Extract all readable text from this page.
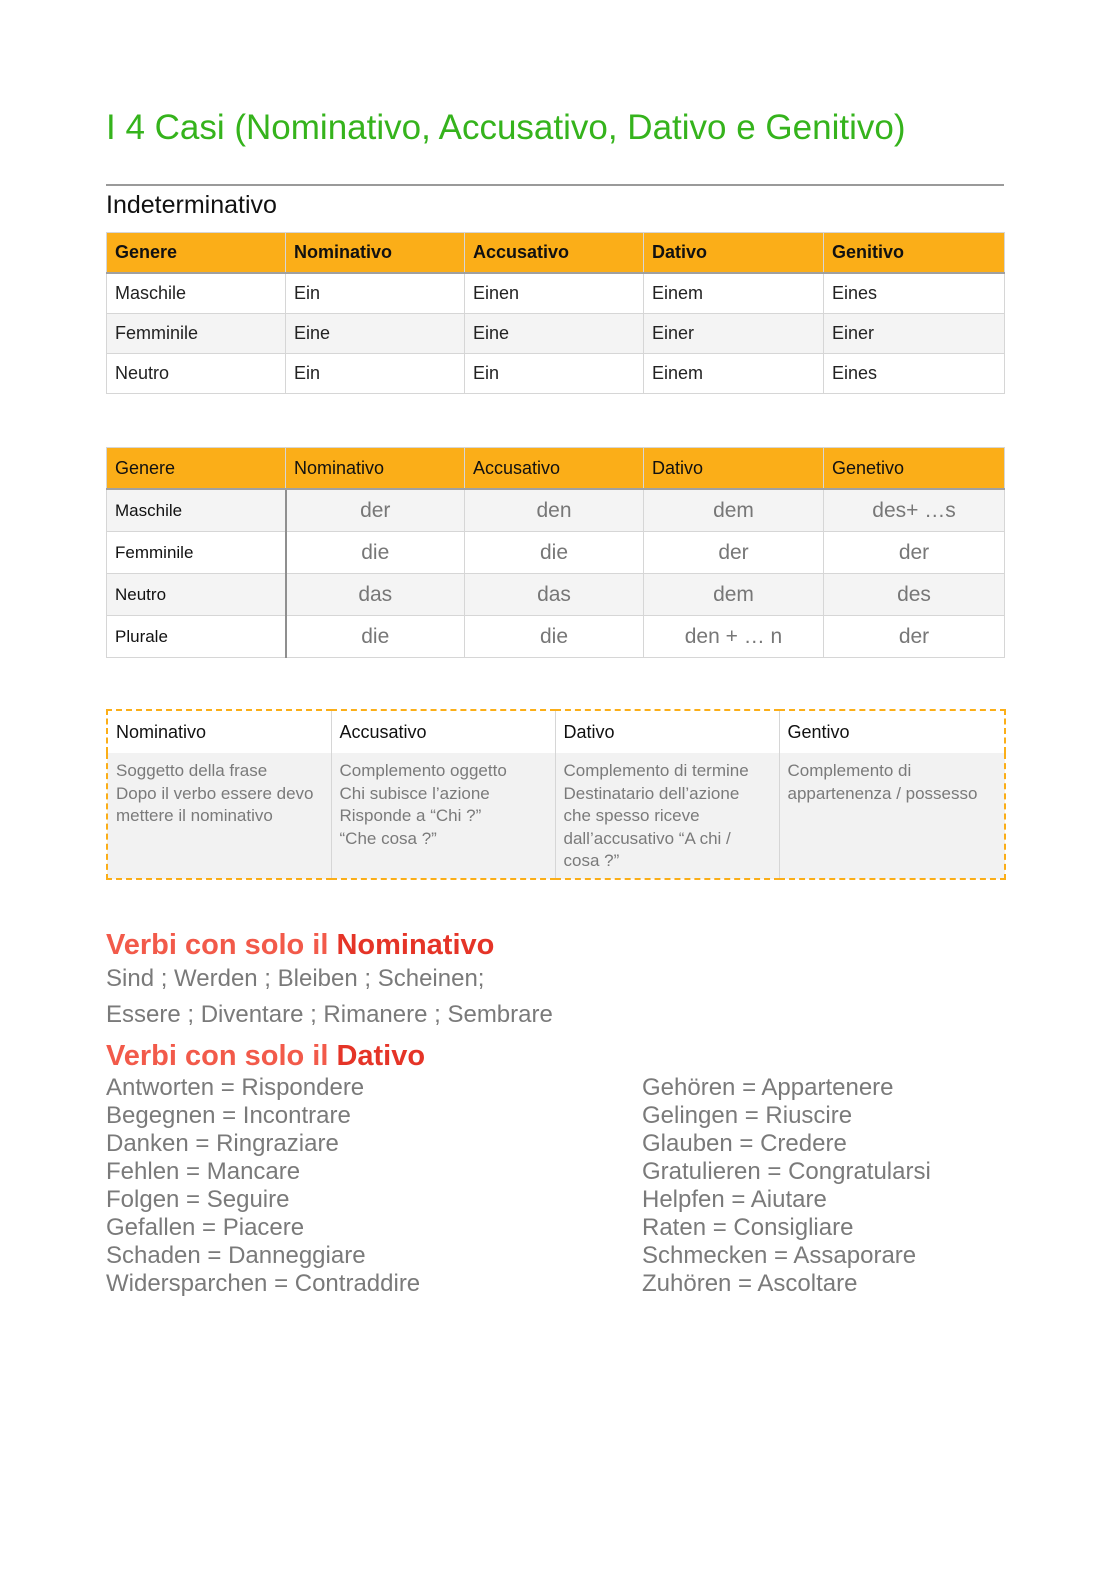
I 4 Casi (Nominativo, Accusativo, Dativo e Genitivo)
Indeterminativo
Genere	Nominativo	Accusativo	Dativo	Genitivo
Maschile	Ein	Einen	Einem	Eines
Femminile	Eine	Eine	Einer	Einer
Neutro	Ein	Ein	Einem	Eines
Genere	Nominativo	Accusativo	Dativo	Genetivo
Maschile	der	den	dem	des+ …s
Femminile	die	die	der	der
Neutro	das	das	dem	des
Plurale	die	die	den + … n	der
Nominativo	Accusativo	Dativo	Gentivo

Soggetto della frase
Dopo il verbo essere devo
mettere il nominativo	Complemento oggetto
Chi subisce l’azione
Risponde a “Chi ?”
“Che cosa ?”	Complemento di termine
Destinatario dell’azione
che spesso riceve
dall’accusativo “A chi /
cosa ?”	Complemento di
appartenenza / possesso
Verbi con solo il Nominativo
Sind ; Werden ; Bleiben ; Scheinen;
Essere ; Diventare ; Rimanere ; Sembrare
Verbi con solo il Dativo
Antworten = Rispondere
Begegnen = Incontrare
Danken = Ringraziare
Fehlen = Mancare
Folgen = Seguire
Gefallen = Piacere
Schaden = Danneggiare
Widersparchen = Contraddire
Gehören = Appartenere
Gelingen = Riuscire
Glauben = Credere
Gratulieren = Congratularsi
Helpfen = Aiutare
Raten = Consigliare
Schmecken = Assaporare
Zuhören = Ascoltare
